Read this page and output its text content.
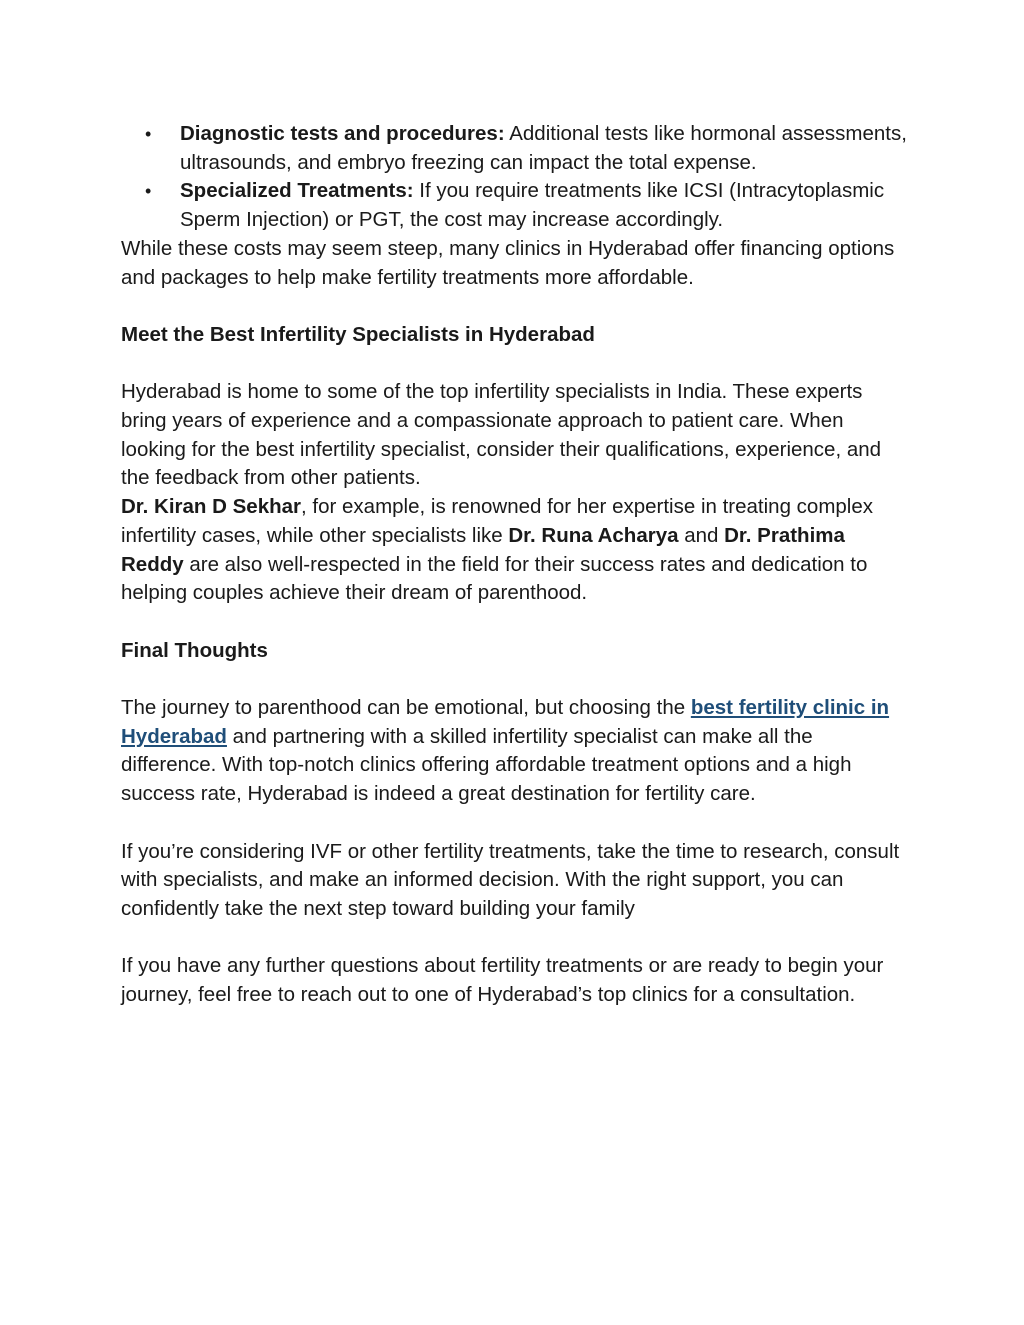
• Diagnostic tests and procedures: Additional tests like hormonal assessments, ultrasounds, and embryo freezing can impact the total expense.
• Specialized Treatments: If you require treatments like ICSI (Intracytoplasmic Sperm Injection) or PGT, the cost may increase accordingly.

While these costs may seem steep, many clinics in Hyderabad offer financing options and packages to help make fertility treatments more affordable.

Meet the Best Infertility Specialists in Hyderabad

Hyderabad is home to some of the top infertility specialists in India. These experts bring years of experience and a compassionate approach to patient care. When looking for the best infertility specialist, consider their qualifications, experience, and the feedback from other patients.

Dr. Kiran D Sekhar, for example, is renowned for her expertise in treating complex infertility cases, while other specialists like Dr. Runa Acharya and Dr. Prathima Reddy are also well-respected in the field for their success rates and dedication to helping couples achieve their dream of parenthood.

Final Thoughts

The journey to parenthood can be emotional, but choosing the best fertility clinic in Hyderabad and partnering with a skilled infertility specialist can make all the difference. With top-notch clinics offering affordable treatment options and a high success rate, Hyderabad is indeed a great destination for fertility care.

If you’re considering IVF or other fertility treatments, take the time to research, consult with specialists, and make an informed decision. With the right support, you can confidently take the next step toward building your family

If you have any further questions about fertility treatments or are ready to begin your journey, feel free to reach out to one of Hyderabad’s top clinics for a consultation.
